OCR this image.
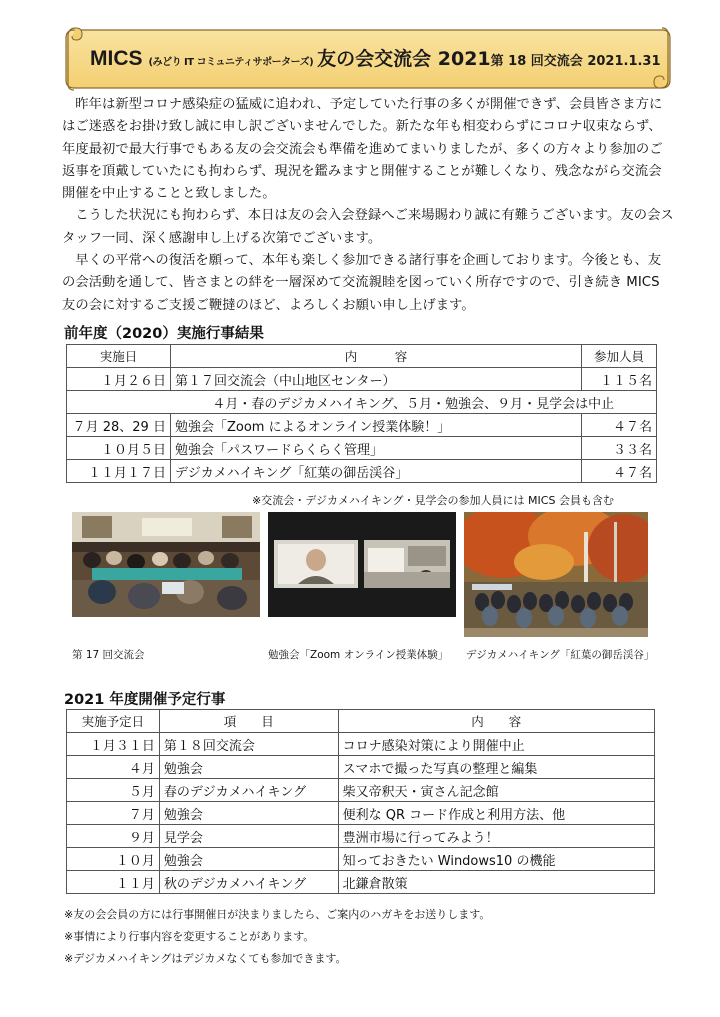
MICS (みどり IT コミュニティサポーターズ) 友の会交流会 2021 第 18 回交流会 2021.1.31

昨年は新型コロナ感染症の猛威に追われ、予定していた行事の多くが開催できず、会員皆さま方にはご迷惑をお掛け致し誠に申し訳ございませんでした。新たな年も相変わらずにコロナ収束ならず、年度最初で最大行事でもある友の会交流会も準備を進めてまいりましたが、多くの方々より参加のご返事を頂戴していたにも拘わらず、現況を鑑みますと開催することが難しくなり、残念ながら交流会開催を中止することと致しました。

こうした状況にも拘わらず、本日は友の会入会登録へご来場賜わり誠に有難うございます。友の会スタッフ一同、深く感謝申し上げる次第でございます。

早くの平常への復活を願って、本年も楽しく参加できる諸行事を企画しております。今後とも、友の会活動を通して、皆さまとの絆を一層深めて交流親睦を図っていく所存ですので、引き続き MICS 友の会に対するご支援ご鞭撻のほど、よろしくお願い申し上げます。

前年度（2020）実施行事結果
実施日	内　　　容	参加人員
１月２６日	第１７回交流会（中山地区センター）	１１５名
	４月・春のデジカメハイキング、５月・勉強会、９月・見学会は中止	
７月 28、29 日	勉強会「Zoom によるオンライン授業体験！」	４７名
１０月５日	勉強会「パスワードらくらく管理」	３３名
１１月１７日	デジカメハイキング「紅葉の御岳渓谷」	４７名
※交流会・デジカメハイキング・見学会の参加人員には MICS 会員も含む
第 17 回交流会	勉強会「Zoom オンライン授業体験」 デジカメハイキング「紅葉の御岳渓谷」
2021 年度開催予定行事
実施予定日	項　　目	内　　容
１月３１日	第１８回交流会	コロナ感染対策により開催中止
４月	勉強会	スマホで撮った写真の整理と編集
５月	春のデジカメハイキング	柴又帝釈天・寅さん記念館
７月	勉強会	便利な QR コード作成と利用方法、他
９月	見学会	豊洲市場に行ってみよう！
１０月	勉強会	知っておきたい Windows10 の機能
１１月	秋のデジカメハイキング	北鎌倉散策
※友の会会員の方には行事開催日が決まりましたら、ご案内のハガキをお送りします。
※事情により行事内容を変更することがあります。
※デジカメハイキングはデジカメなくても参加できます。
